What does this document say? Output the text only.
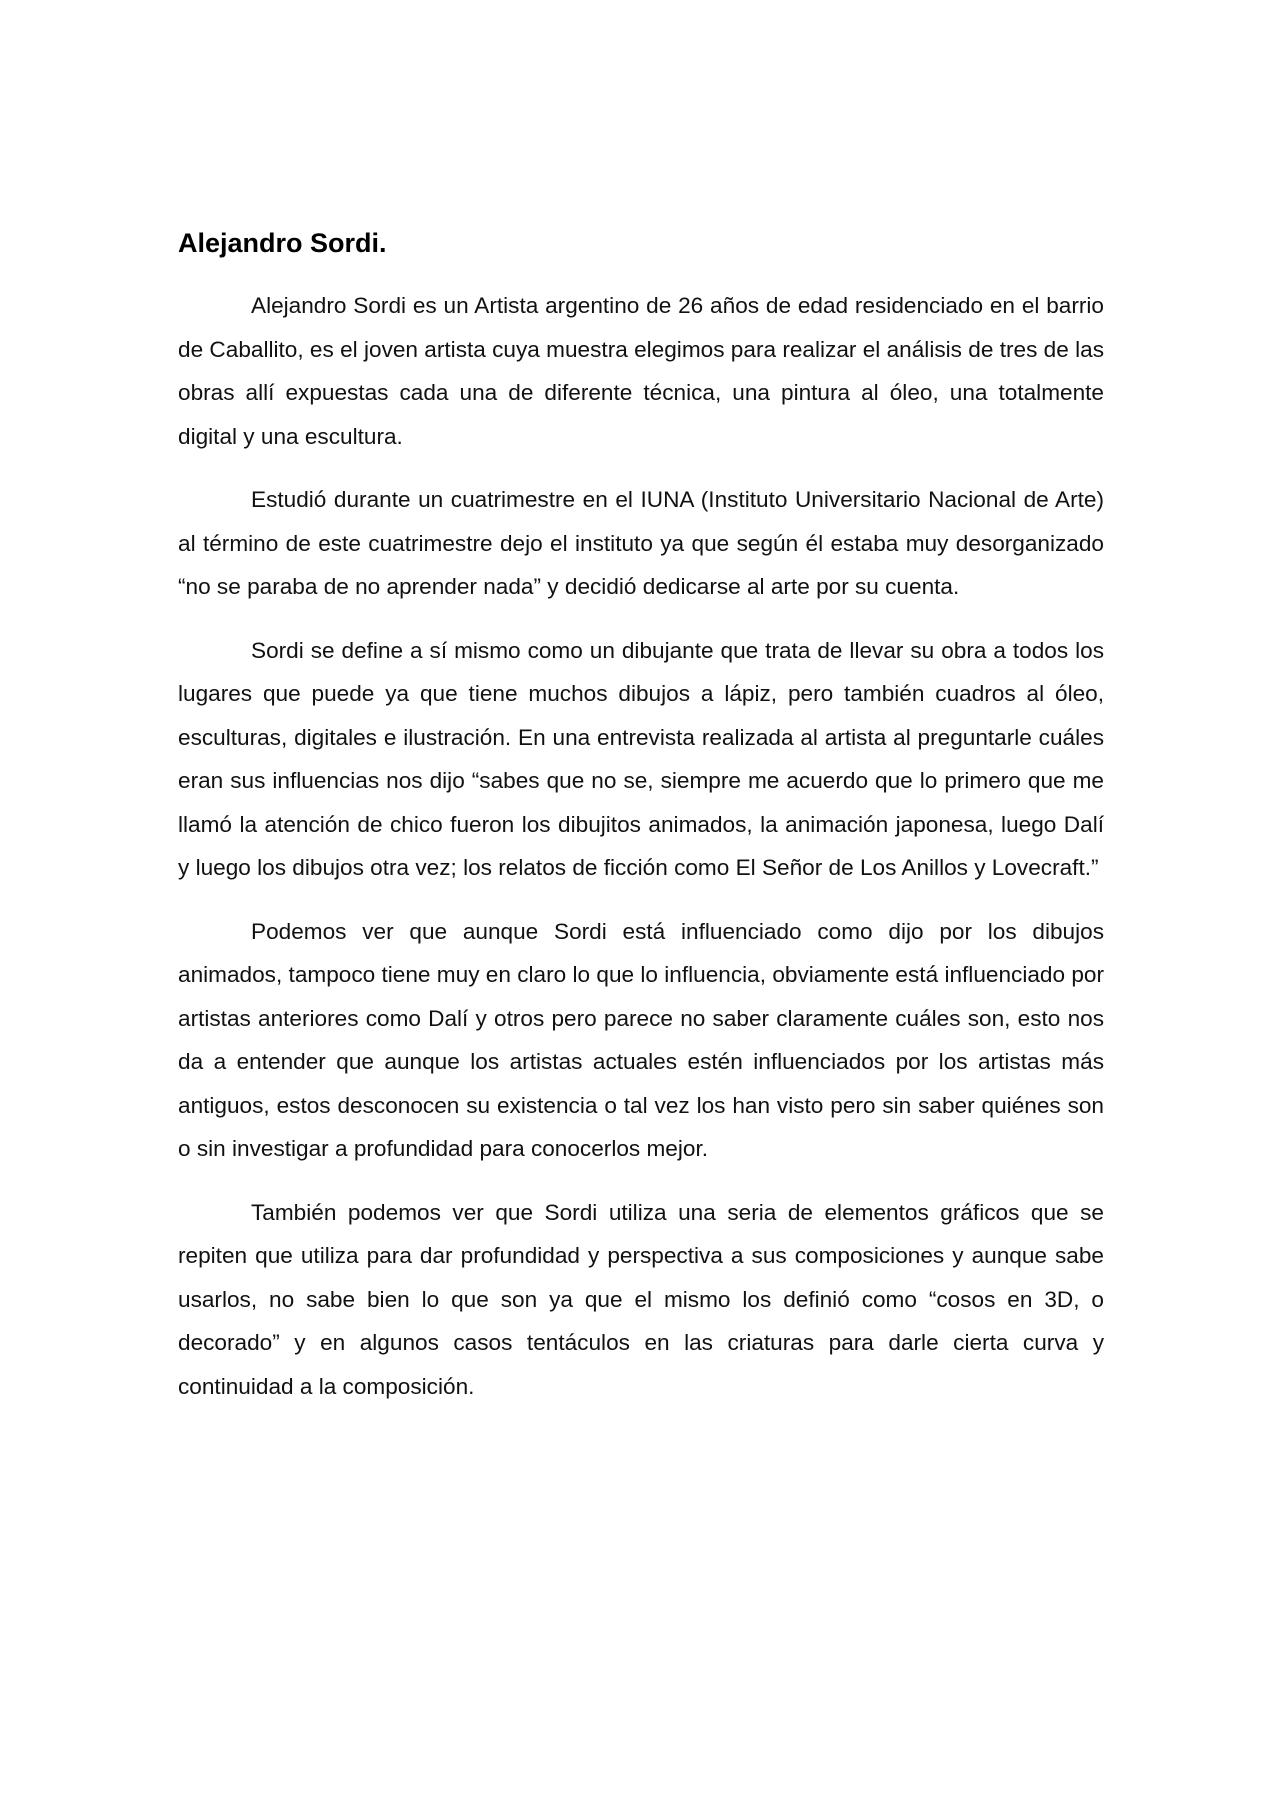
Alejandro Sordi.

Alejandro Sordi es un Artista argentino de 26 años de edad residenciado en el barrio de Caballito, es el joven artista cuya muestra elegimos para realizar el análisis de tres de las obras allí expuestas cada una de diferente técnica, una pintura al óleo, una totalmente digital y una escultura.

Estudió durante un cuatrimestre en el IUNA (Instituto Universitario Nacional de Arte) al término de este cuatrimestre dejo el instituto ya que según él estaba muy desorganizado “no se paraba de no aprender nada” y decidió dedicarse al arte por su cuenta.

Sordi se define a sí mismo como un dibujante que trata de llevar su obra a todos los lugares que puede ya que tiene muchos dibujos a lápiz, pero también cuadros al óleo, esculturas, digitales e ilustración. En una entrevista realizada al artista al preguntarle cuáles eran sus influencias nos dijo “sabes que no se, siempre me acuerdo que lo primero que me llamó la atención de chico fueron los dibujitos animados, la animación japonesa, luego Dalí y luego los dibujos otra vez; los relatos de ficción como El Señor de Los Anillos y Lovecraft.”

Podemos ver que aunque Sordi está influenciado como dijo por los dibujos animados, tampoco tiene muy en claro lo que lo influencia, obviamente está influenciado por artistas anteriores como Dalí y otros pero parece no saber claramente cuáles son, esto nos da a entender que aunque los artistas actuales estén influenciados por los artistas más antiguos, estos desconocen su existencia o tal vez los han visto pero sin saber quiénes son o sin investigar a profundidad para conocerlos mejor.

También podemos ver que Sordi utiliza una seria de elementos gráficos que se repiten que utiliza para dar profundidad y perspectiva a sus composiciones y aunque sabe usarlos, no sabe bien lo que son ya que el mismo los definió como “cosos en 3D, o decorado” y en algunos casos tentáculos en las criaturas para darle cierta curva y continuidad a la composición.
